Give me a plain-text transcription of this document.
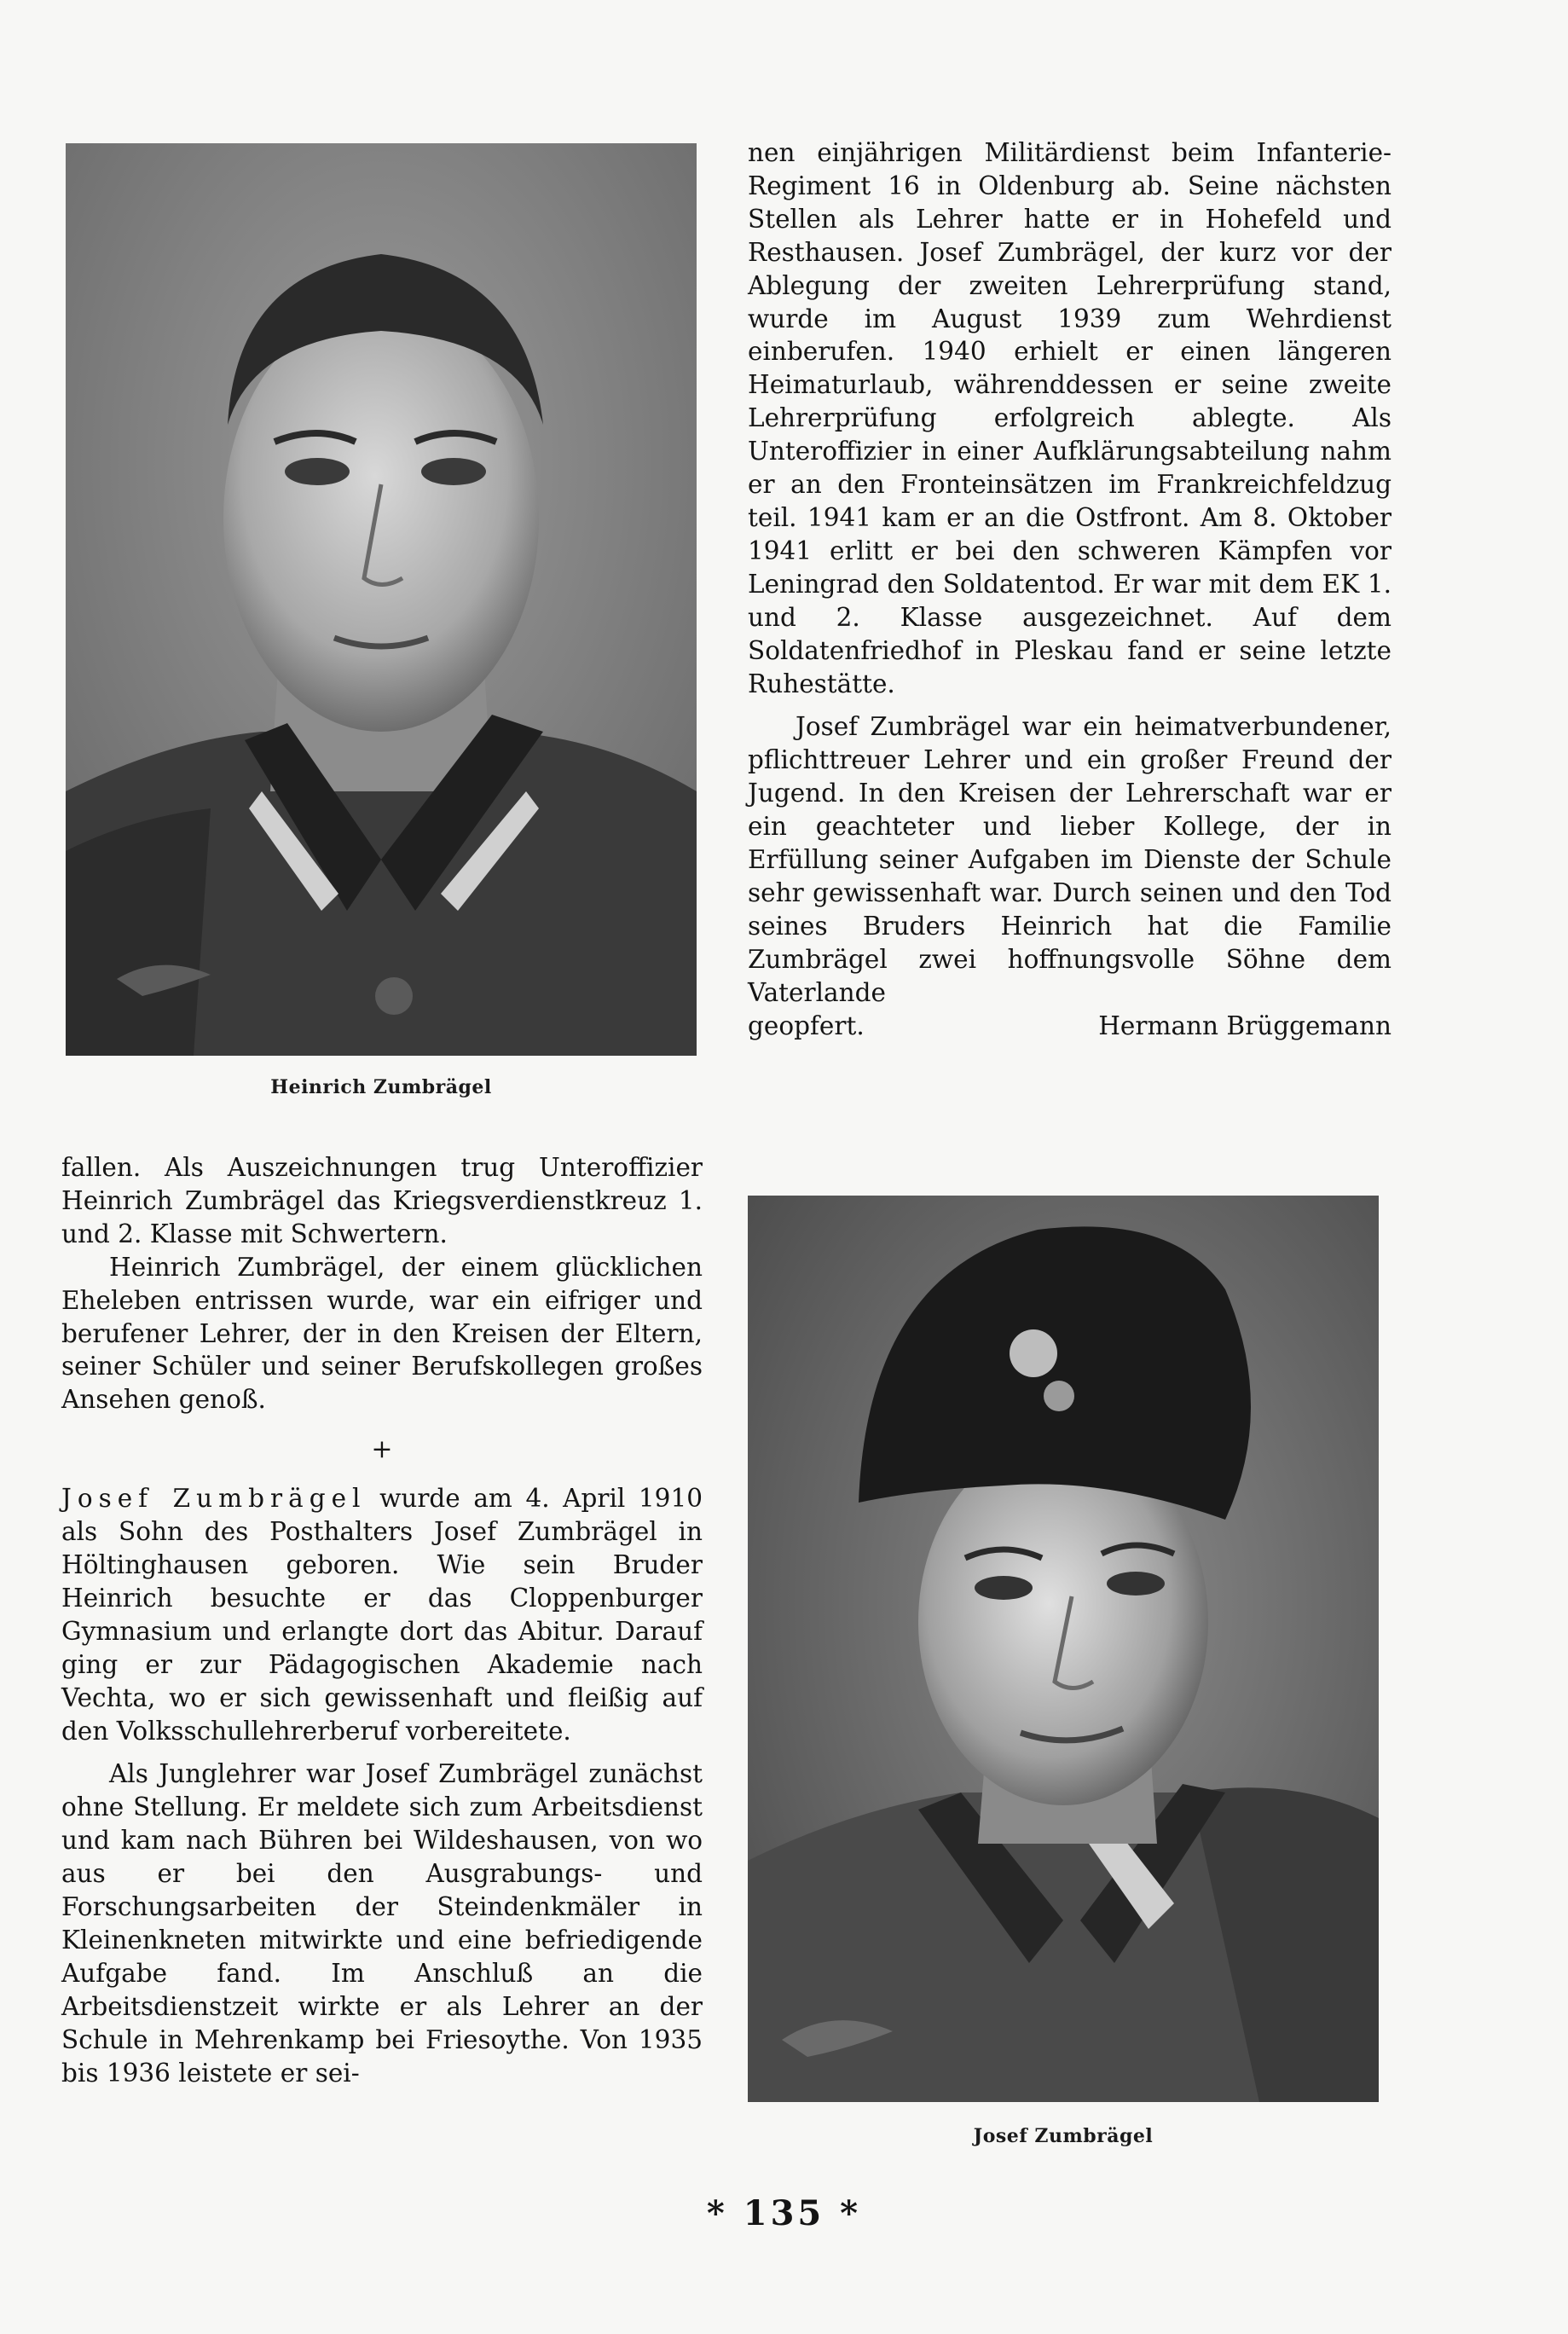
Heinrich Zumbrägel

nen einjährigen Militärdienst beim Infanterie-Regiment 16 in Oldenburg ab. Seine nächsten Stellen als Lehrer hatte er in Hohefeld und Resthausen. Josef Zumbrägel, der kurz vor der Ablegung der zweiten Lehrerprüfung stand, wurde im August 1939 zum Wehrdienst einberufen. 1940 erhielt er einen längeren Heimaturlaub, währenddessen er seine zweite Lehrerprüfung erfolgreich ablegte. Als Unteroffizier in einer Aufklärungsabteilung nahm er an den Fronteinsätzen im Frankreichfeldzug teil. 1941 kam er an die Ostfront. Am 8. Oktober 1941 erlitt er bei den schweren Kämpfen vor Leningrad den Soldatentod. Er war mit dem EK 1. und 2. Klasse ausgezeichnet. Auf dem Soldatenfriedhof in Pleskau fand er seine letzte Ruhestätte.

Josef Zumbrägel war ein heimatverbundener, pflichttreuer Lehrer und ein großer Freund der Jugend. In den Kreisen der Lehrerschaft war er ein geachteter und lieber Kollege, der in Erfüllung seiner Aufgaben im Dienste der Schule sehr gewissenhaft war. Durch seinen und den Tod seines Bruders Heinrich hat die Familie Zumbrägel zwei hoffnungsvolle Söhne dem Vaterlande

geopfert.	Hermann Brüggemann

fallen. Als Auszeichnungen trug Unteroffizier Heinrich Zumbrägel das Kriegsverdienstkreuz 1. und 2. Klasse mit Schwertern.

Heinrich Zumbrägel, der einem glücklichen Eheleben entrissen wurde, war ein eifriger und berufener Lehrer, der in den Kreisen der Eltern, seiner Schüler und seiner Berufskollegen großes Ansehen genoß.

+

Josef Zumbrägel wurde am 4. April 1910 als Sohn des Posthalters Josef Zumbrägel in Höltinghausen geboren. Wie sein Bruder Heinrich besuchte er das Cloppenburger Gymnasium und erlangte dort das Abitur. Darauf ging er zur Pädagogischen Akademie nach Vechta, wo er sich gewissenhaft und fleißig auf den Volksschullehrerberuf vorbereitete.

Als Junglehrer war Josef Zumbrägel zunächst ohne Stellung. Er meldete sich zum Arbeitsdienst und kam nach Bühren bei Wildeshausen, von wo aus er bei den Ausgrabungs- und Forschungsarbeiten der Steindenkmäler in Kleinenkneten mitwirkte und eine befriedigende Aufgabe fand. Im Anschluß an die Arbeitsdienstzeit wirkte er als Lehrer an der Schule in Mehrenkamp bei Friesoythe. Von 1935 bis 1936 leistete er sei-

Josef Zumbrägel
* 135 *
